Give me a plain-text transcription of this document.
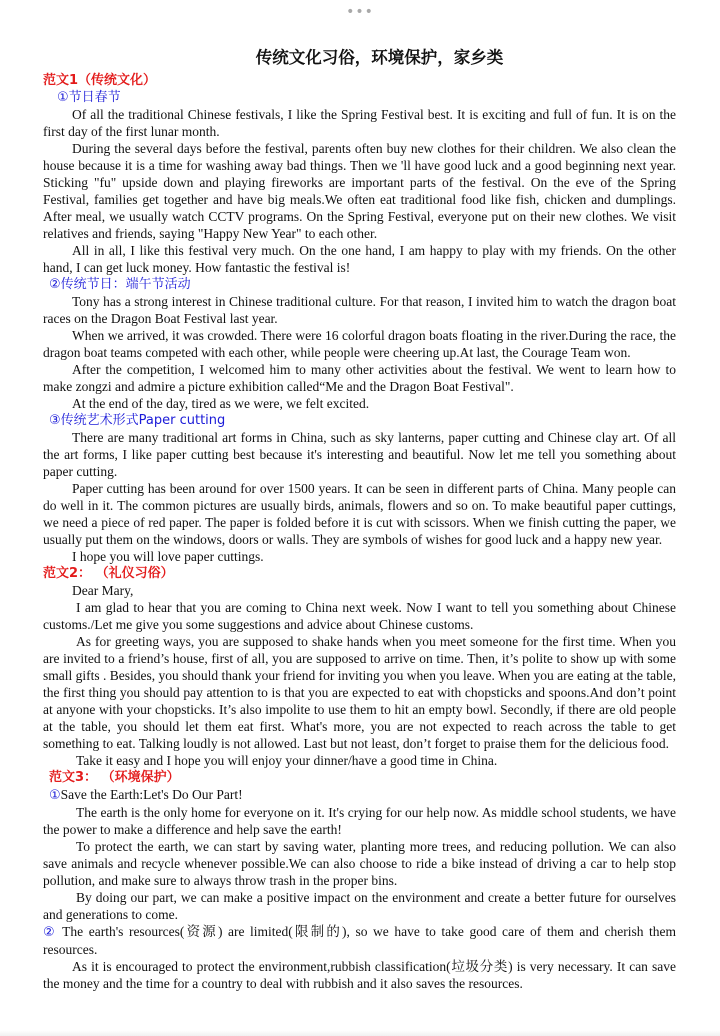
•••
传统文化习俗，环境保护，家乡类
范文1（传统文化）
①节日春节

Of all the traditional Chinese festivals, I like the Spring Festival best. It is exciting and full of fun. It is on the first day of the first lunar month.

During the several days before the festival, parents often buy new clothes for their children. We also clean the house because it is a time for washing away bad things. Then we 'll have good luck and a good beginning next year. Sticking "fu" upside down and playing fireworks are important parts of the festival. On the eve of the Spring Festival, families get together and have big meals.We often eat traditional food like fish, chicken and dumplings. After meal, we usually watch CCTV programs. On the Spring Festival, everyone put on their new clothes. We visit relatives and friends, saying "Happy New Year" to each other.

All in all, I like this festival very much. On the one hand, I am happy to play with my friends. On the other hand, I can get luck money. How fantastic the festival is!

②传统节日：端午节活动

Tony has a strong interest in Chinese traditional culture. For that reason, I invited him to watch the dragon boat races on the Dragon Boat Festival last year.

When we arrived, it was crowded. There were 16 colorful dragon boats floating in the river.During the race, the dragon boat teams competed with each other, while people were cheering up.At last, the Courage Team won.

After the competition, I welcomed him to many other activities about the festival. We went to learn how to make zongzi and admire a picture exhibition called“Me and the Dragon Boat Festival".

At the end of the day, tired as we were, we felt excited.

③传统艺术形式Paper cutting

There are many traditional art forms in China, such as sky lanterns, paper cutting and Chinese clay art. Of all the art forms, I like paper cutting best because it's interesting and beautiful. Now let me tell you something about paper cutting.

Paper cutting has been around for over 1500 years. It can be seen in different parts of China. Many people can do well in it. The common pictures are usually birds, animals, flowers and so on. To make beautiful paper cuttings, we need a piece of red paper. The paper is folded before it is cut with scissors. When we finish cutting the paper, we usually put them on the windows, doors or walls. They are symbols of wishes for good luck and a happy new year.

I hope you will love paper cuttings.

范文2： （礼仪习俗）

Dear Mary,

I am glad to hear that you are coming to China next week. Now I want to tell you something about Chinese customs./Let me give you some suggestions and advice about Chinese customs.

As for greeting ways, you are supposed to shake hands when you meet someone for the first time. When you are invited to a friend’s house, first of all, you are supposed to arrive on time. Then, it’s polite to show up with some small gifts . Besides, you should thank your friend for inviting you when you leave. When you are eating at the table, the first thing you should pay attention to is that you are expected to eat with chopsticks and spoons.And don’t point at anyone with your chopsticks. It’s also impolite to use them to hit an empty bowl. Secondly, if there are old people at the table, you should let them eat first. What's more, you are not expected to reach across the table to get something to eat. Talking loudly is not allowed. Last but not least, don’t forget to praise them for the delicious food.

Take it easy and I hope you will enjoy your dinner/have a good time in China.

范文3： （环境保护）
①Save the Earth:Let's Do Our Part!

The earth is the only home for everyone on it. It's crying for our help now. As middle school students, we have the power to make a difference and help save the earth!

To protect the earth, we can start by saving water, planting more trees, and reducing pollution. We can also save animals and recycle whenever possible.We can also choose to ride a bike instead of driving a car to help stop pollution, and make sure to always throw trash in the proper bins.

By doing our part, we can make a positive impact on the environment and create a better future for ourselves and generations to come.

② The earth's resources(资源) are limited(限制的), so we have to take good care of them and cherish them resources.

As it is encouraged to protect the environment,rubbish classification(垃圾分类) is very necessary. It can save the money and the time for a country to deal with rubbish and it also saves the resources.
